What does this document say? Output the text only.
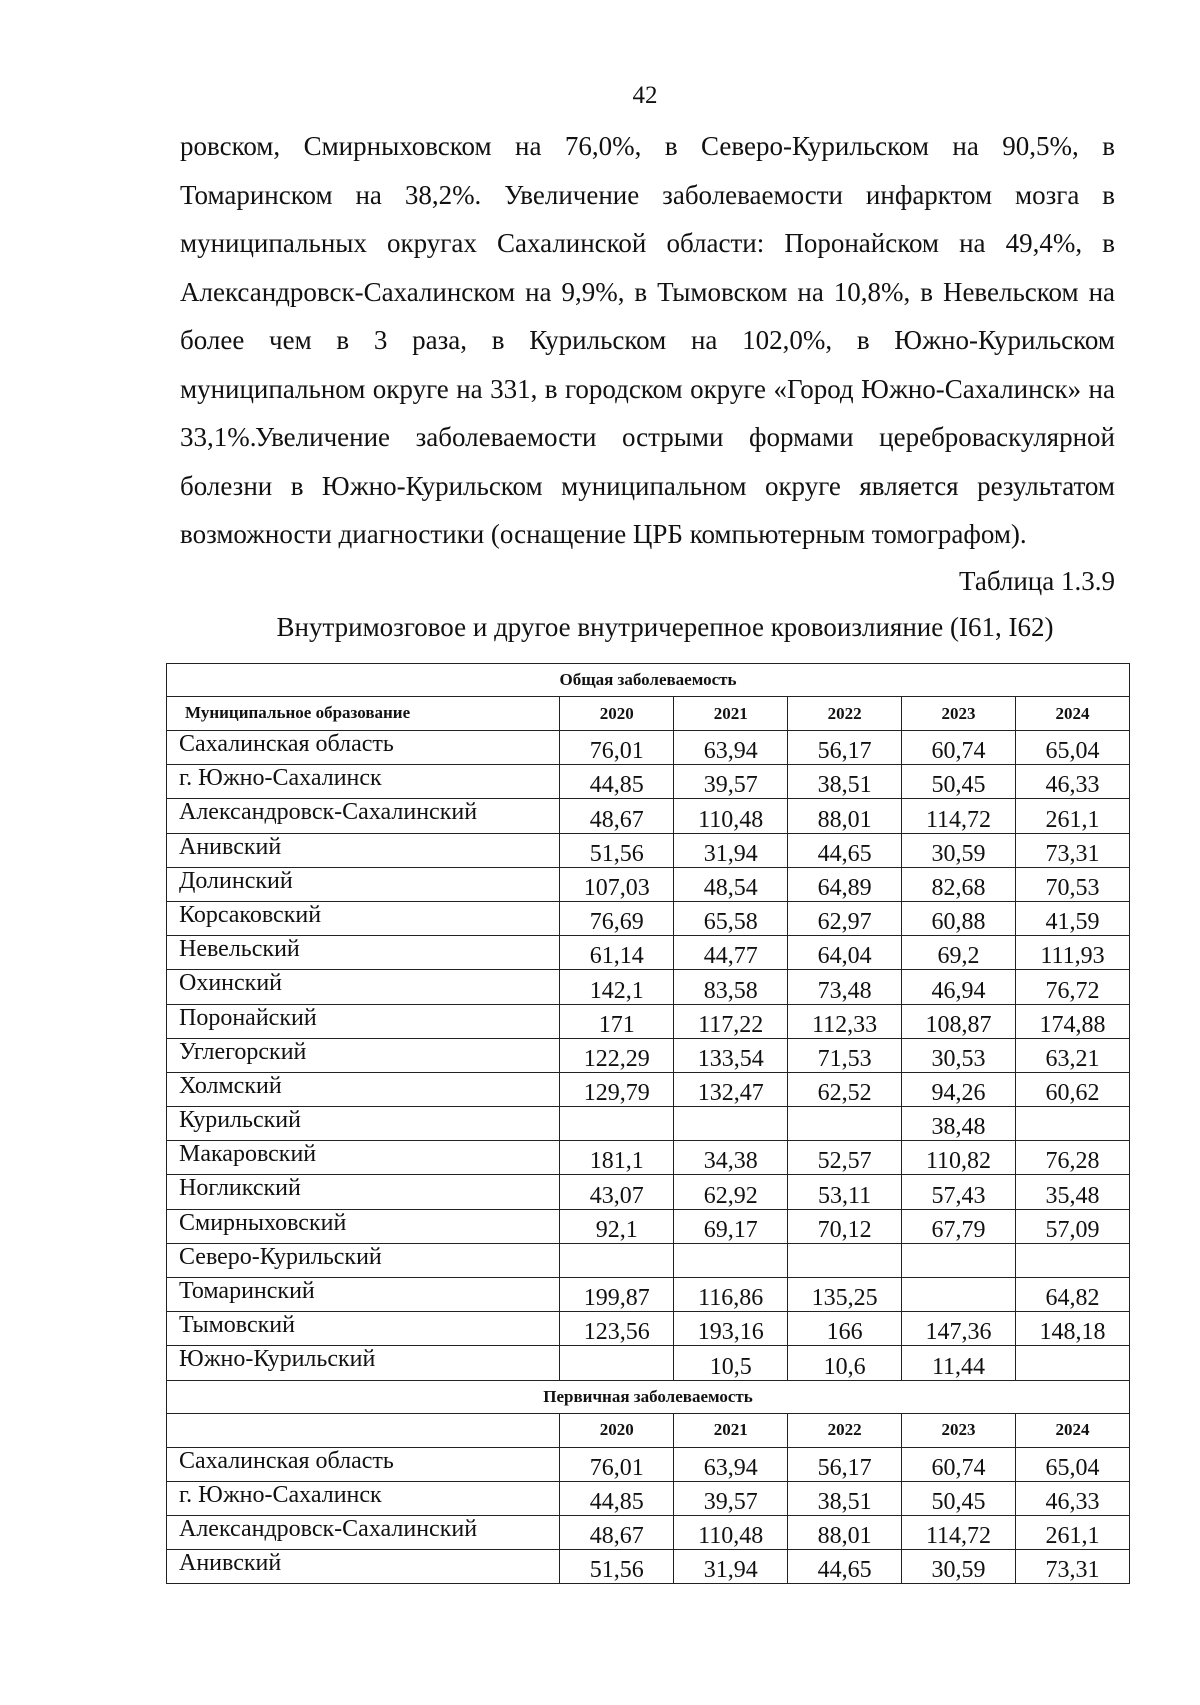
42

ровском, Смирныховском на 76,0%, в Северо-Курильском на 90,5%, в Томаринском на 38,2%. Увеличение заболеваемости инфарктом мозга в муниципальных округах Сахалинской области: Поронайском на 49,4%, в Александровск-Сахалинском на 9,9%, в Тымовском на 10,8%, в Невельском на более чем в 3 раза, в Курильском на 102,0%, в Южно-Курильском муниципальном округе на 331, в городском округе «Город Южно-Сахалинск» на 33,1%.

Увеличение заболеваемости острыми формами цереброваскулярной болезни в Южно-Курильском муниципальном округе является результатом возможности диагностики (оснащение ЦРБ компьютерным томографом).

Таблица 1.3.9
Внутримозговое и другое внутричерепное кровоизлияние (I61, I62)
Общая заболеваемость					
Муниципальное образование	2020	2021	2022	2023	2024
Сахалинская область	76,01	63,94	56,17	60,74	65,04
г. Южно-Сахалинск	44,85	39,57	38,51	50,45	46,33
Александровск-Сахалинский	48,67	110,48	88,01	114,72	261,1
Анивский	51,56	31,94	44,65	30,59	73,31
Долинский	107,03	48,54	64,89	82,68	70,53
Корсаковский	76,69	65,58	62,97	60,88	41,59
Невельский	61,14	44,77	64,04	69,2	111,93
Охинский	142,1	83,58	73,48	46,94	76,72
Поронайский	171	117,22	112,33	108,87	174,88
Углегорский	122,29	133,54	71,53	30,53	63,21
Холмский	129,79	132,47	62,52	94,26	60,62
Курильский				38,48	
Макаровский	181,1	34,38	52,57	110,82	76,28
Ногликский	43,07	62,92	53,11	57,43	35,48
Смирныховский	92,1	69,17	70,12	67,79	57,09
Северо-Курильский					
Томаринский	199,87	116,86	135,25		64,82
Тымовский	123,56	193,16	166	147,36	148,18
Южно-Курильский		10,5	10,6	11,44	
Первичная заболеваемость					
	2020	2021	2022	2023	2024
Сахалинская область	76,01	63,94	56,17	60,74	65,04
г. Южно-Сахалинск	44,85	39,57	38,51	50,45	46,33
Александровск-Сахалинский	48,67	110,48	88,01	114,72	261,1
Анивский	51,56	31,94	44,65	30,59	73,31
